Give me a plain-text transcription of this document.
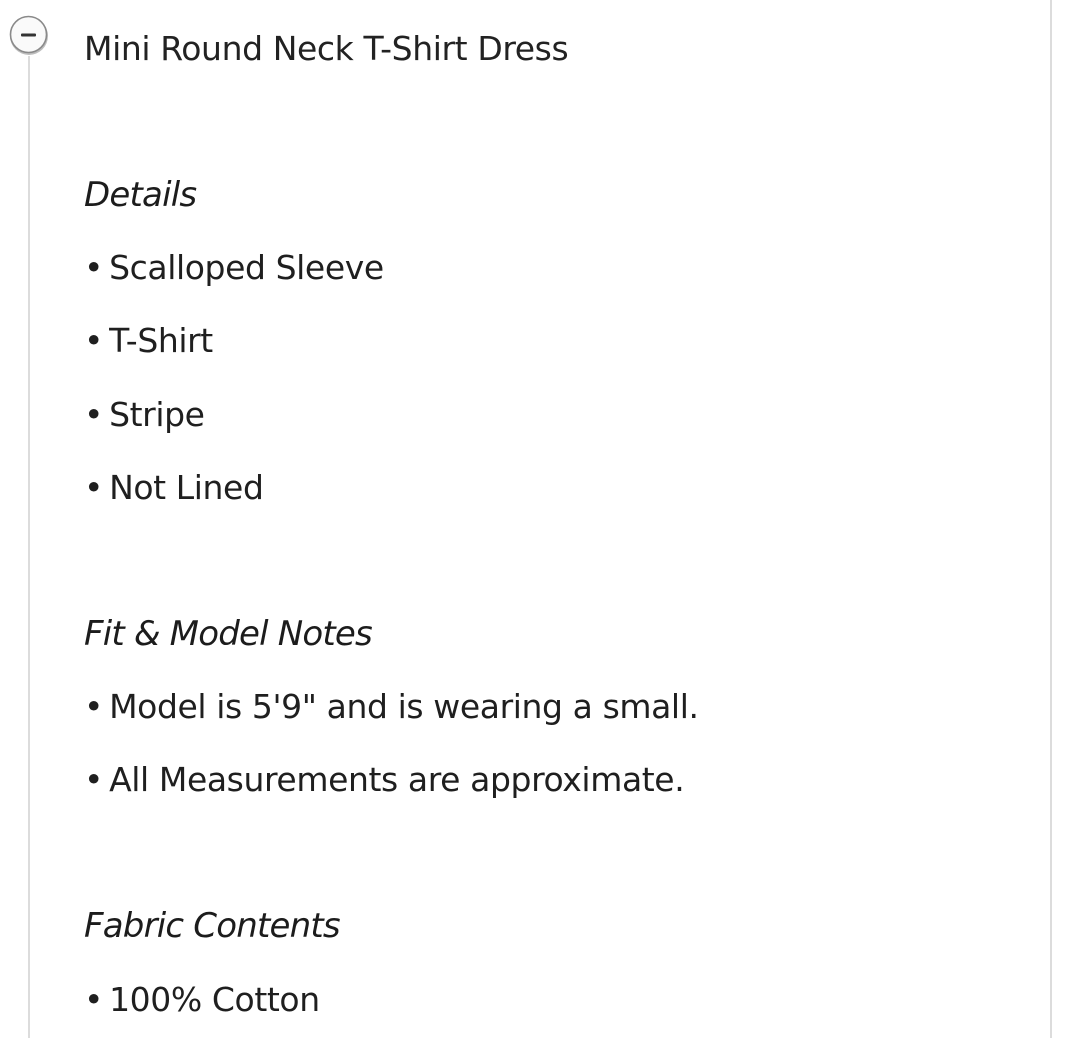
Mini Round Neck T-Shirt Dress
Details
• Scalloped Sleeve
• T-Shirt
• Stripe
• Not Lined
Fit & Model Notes
• Model is 5'9" and is wearing a small.
• All Measurements are approximate.
Fabric Contents
• 100% Cotton
